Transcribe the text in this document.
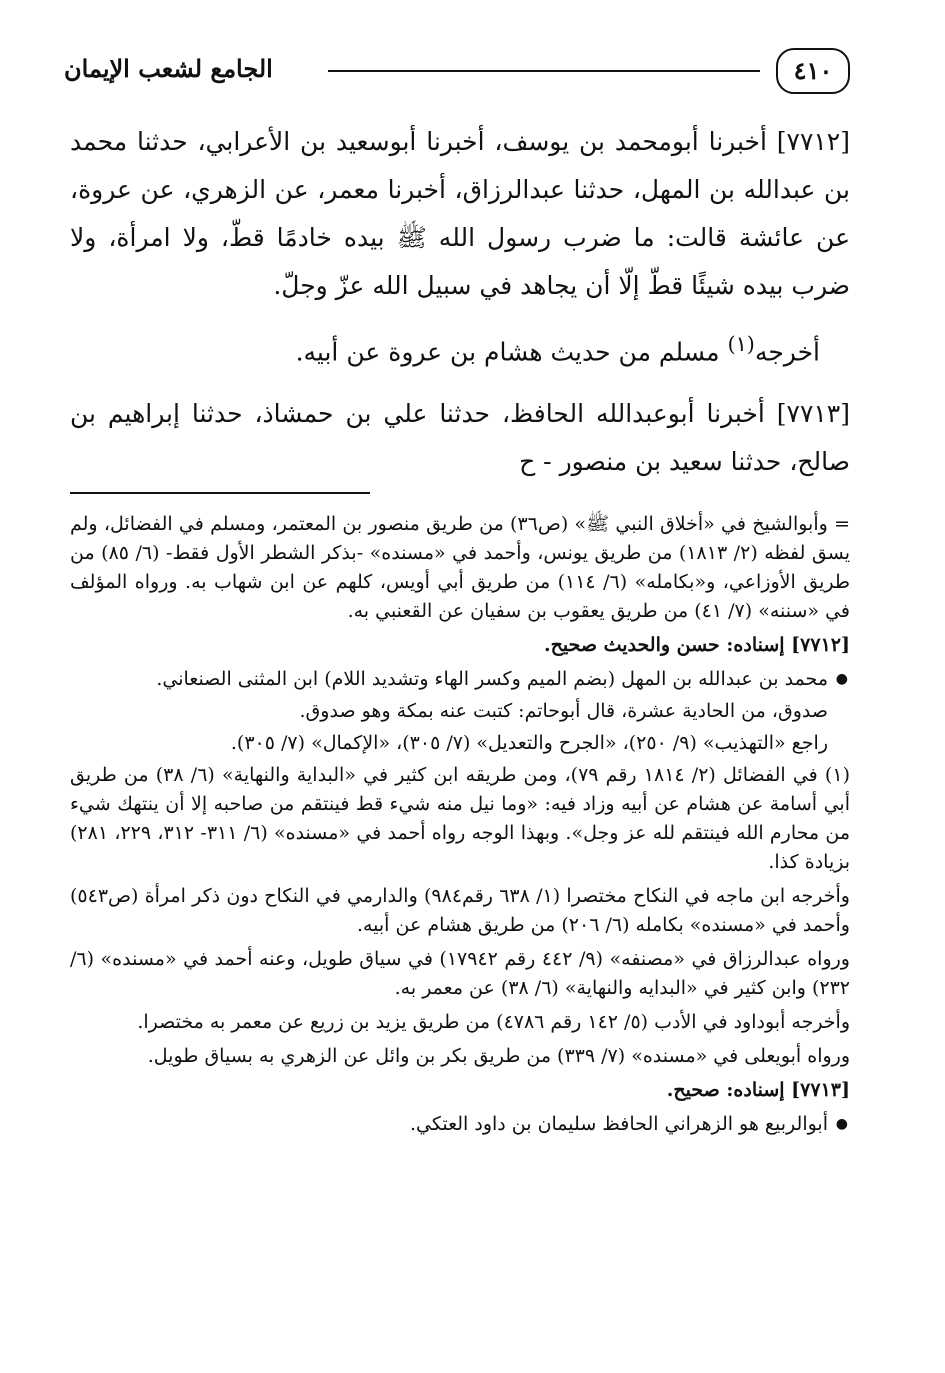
٤١٠
الجامع لشعب الإيمان

[٧٧١٢] أخبرنا أبومحمد بن يوسف، أخبرنا أبوسعيد بن الأعرابي، حدثنا محمد بن عبدالله بن المهل، حدثنا عبدالرزاق، أخبرنا معمر، عن الزهري، عن عروة، عن عائشة قالت: ما ضرب رسول الله ﷺ بيده خادمًا قطّ، ولا امرأة، ولا ضرب بيده شيئًا قطّ إلّا أن يجاهد في سبيل الله عزّ وجلّ.

أخرجه$^{(١)}$ مسلم من حديث هشام بن عروة عن أبيه.

[٧٧١٣] أخبرنا أبوعبدالله الحافظ، حدثنا علي بن حمشاذ، حدثنا إبراهيم بن صالح، حدثنا سعيد بن منصور - ح

= وأبوالشيخ في «أخلاق النبي ﷺ» (ص٣٦) من طريق منصور بن المعتمر، ومسلم في الفضائل، ولم يسق لفظه (٢/ ١٨١٣) من طريق يونس، وأحمد في «مسنده» -بذكر الشطر الأول فقط- (٦/ ٨٥) من طريق الأوزاعي، و«بكامله» (٦/ ١١٤) من طريق أبي أويس، كلهم عن ابن شهاب به. ورواه المؤلف في «سننه» (٧/ ٤١) من طريق يعقوب بن سفيان عن القعنبي به.

[٧٧١٢] إسناده: حسن والحديث صحيح.

● محمد بن عبدالله بن المهل (بضم الميم وكسر الهاء وتشديد اللام) ابن المثنى الصنعاني.

صدوق، من الحادية عشرة، قال أبوحاتم: كتبت عنه بمكة وهو صدوق.

راجع «التهذيب» (٩/ ٢٥٠)، «الجرح والتعديل» (٧/ ٣٠٥)، «الإكمال» (٧/ ٣٠٥).

(١) في الفضائل (٢/ ١٨١٤ رقم ٧٩)، ومن طريقه ابن كثير في «البداية والنهاية» (٦/ ٣٨) من طريق أبي أسامة عن هشام عن أبيه وزاد فيه: «وما نيل منه شيء قط فينتقم من صاحبه إلا أن ينتهك شيء من محارم الله فينتقم لله عز وجل». وبهذا الوجه رواه أحمد في «مسنده» (٦/ ٣١١- ٣١٢، ٢٢٩، ٢٨١) بزيادة كذا.

وأخرجه ابن ماجه في النكاح مختصرا (١/ ٦٣٨ رقم٩٨٤) والدارمي في النكاح دون ذكر امرأة (ص٥٤٣) وأحمد في «مسنده» بكامله (٦/ ٢٠٦) من طريق هشام عن أبيه.

ورواه عبدالرزاق في «مصنفه» (٩/ ٤٤٢ رقم ١٧٩٤٢) في سياق طويل، وعنه أحمد في «مسنده» (٦/ ٢٣٢) وابن كثير في «البدايه والنهاية» (٦/ ٣٨) عن معمر به.

وأخرجه أبوداود في الأدب (٥/ ١٤٢ رقم ٤٧٨٦) من طريق يزيد بن زريع عن معمر به مختصرا.

ورواه أبويعلى في «مسنده» (٧/ ٣٣٩) من طريق بكر بن وائل عن الزهري به بسياق طويل.

[٧٧١٣] إسناده: صحيح.

● أبوالربيع هو الزهراني الحافظ سليمان بن داود العتكي.
